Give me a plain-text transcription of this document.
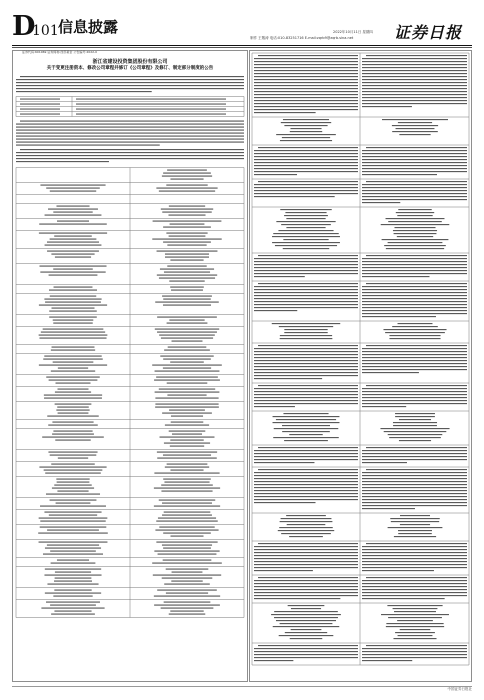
D
101 信息披露	2022年10月11日 星期四
制作 王敬涛 电话:010-83251716 E-mail:zqrb9@zqrb.sina.net	证券日报
证券代码:601069 证券简称:西部黄金 公告编号:2022-0
浙江省建设投资集团股份有限公司
关于变更注册资本、修改公司章程并修订《公司章程》及修订、制定部分制度的公告
中国证券日报社
